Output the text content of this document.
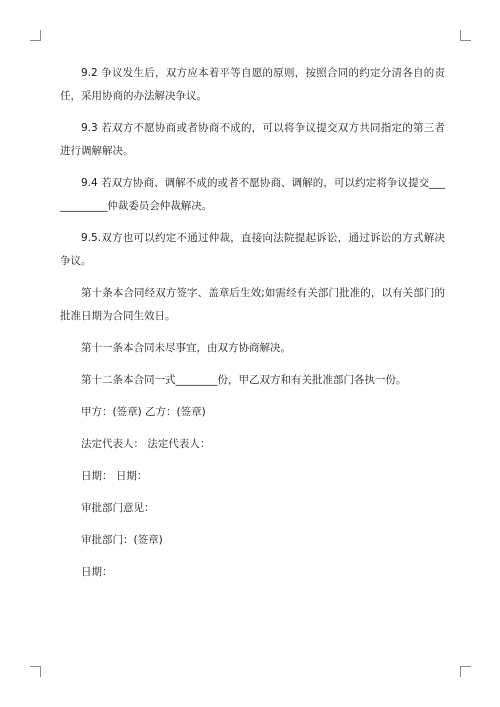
9.2 争议发生后，双方应本着平等自愿的原则，按照合同的约定分清各自的责任，采用协商的办法解决争议。

9.3 若双方不愿协商或者协商不成的，可以将争议提交双方共同指定的第三者进行调解解决。

9.4 若双方协商、调解不成的或者不愿协商、调解的，可以约定将争议提交____________仲裁委员会仲裁解决。

9.5.双方也可以约定不通过仲裁，直接向法院提起诉讼，通过诉讼的方式解决争议。

第十条本合同经双方签字、盖章后生效;如需经有关部门批准的，以有关部门的批准日期为合同生效日。

第十一条本合同未尽事宜，由双方协商解决。

第十二条本合同一式________份，甲乙双方和有关批准部门各执一份。

甲方：(签章) 乙方：(签章)

法定代表人： 法定代表人：

日期： 日期：

审批部门意见：

审批部门：(签章)

日期：
